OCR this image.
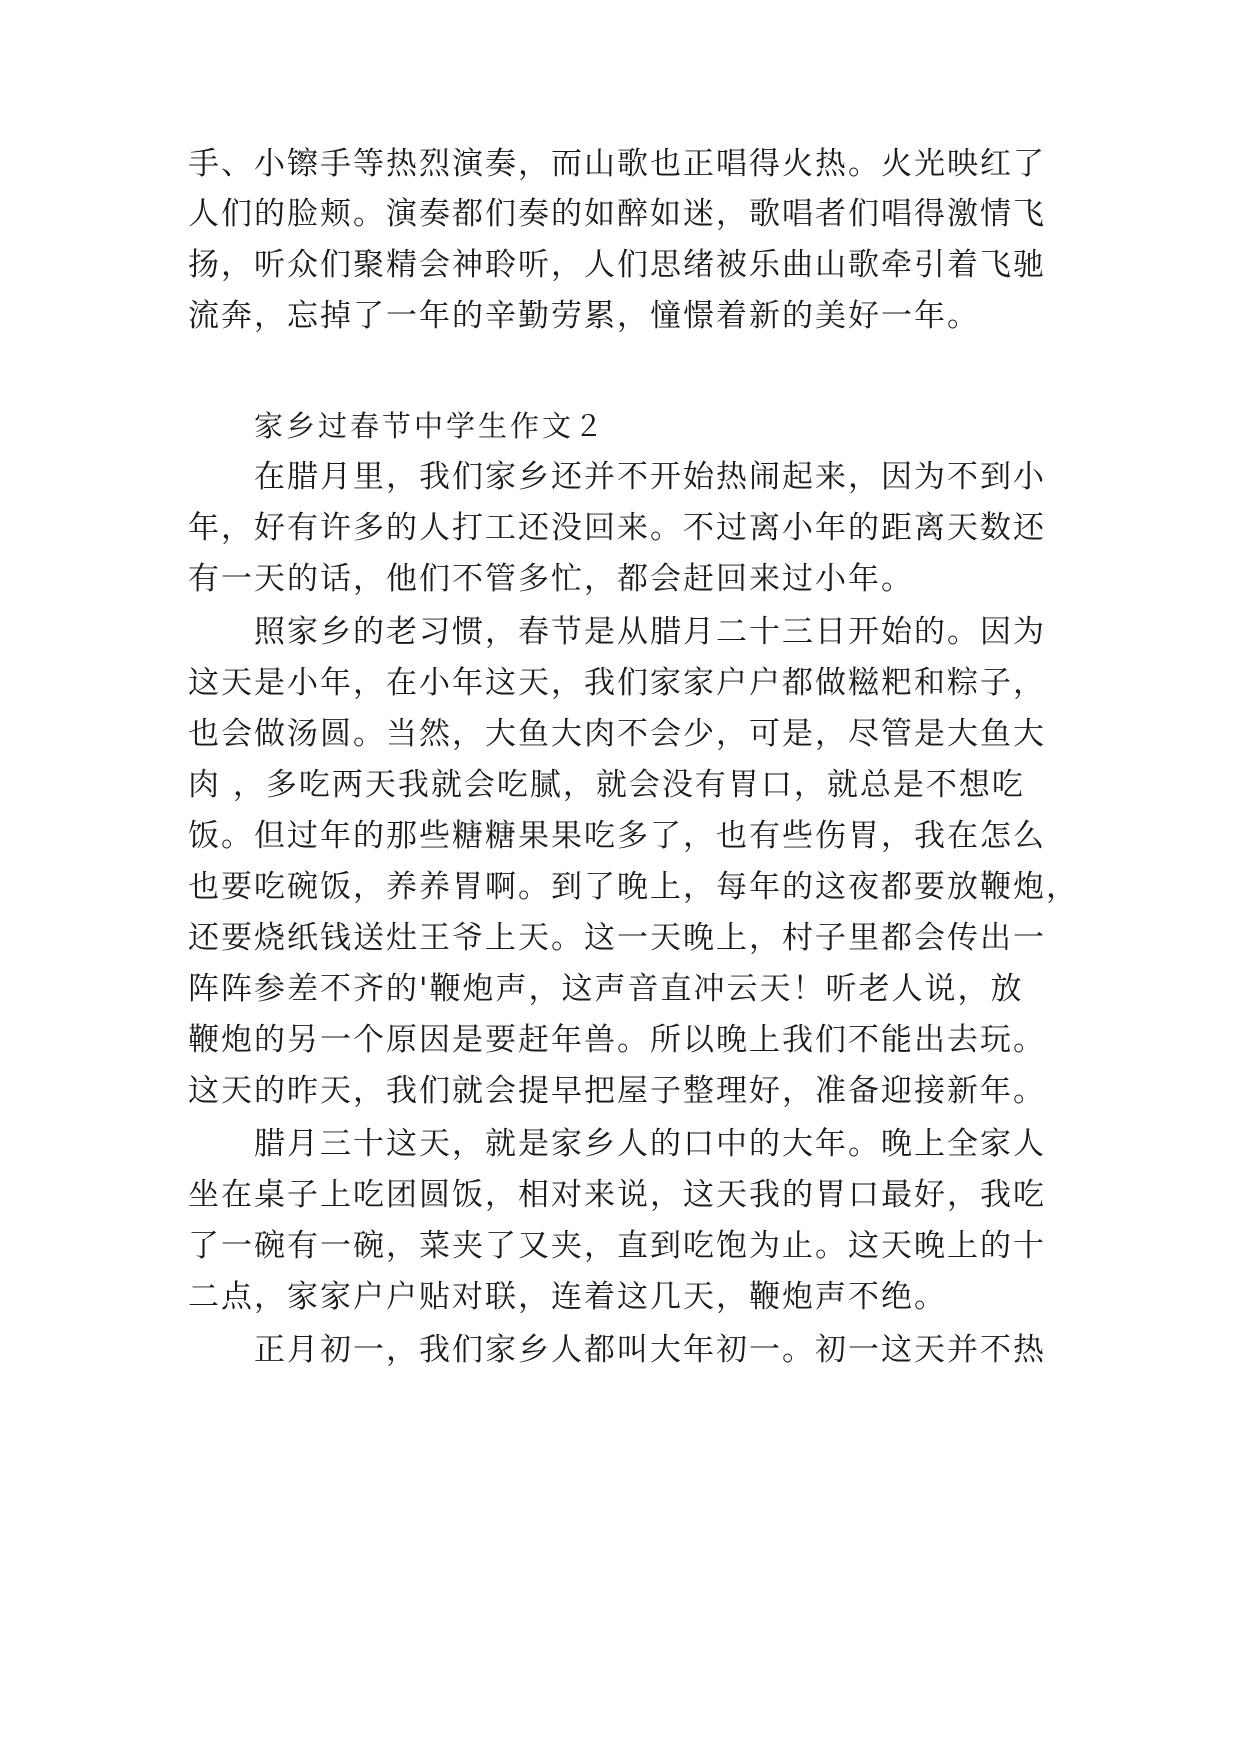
手、小镲手等热烈演奏，而山歌也正唱得火热。火光映红了
人们的脸颊。演奏都们奏的如醉如迷，歌唱者们唱得激情飞
扬，听众们聚精会神聆听，人们思绪被乐曲山歌牵引着飞驰
流奔，忘掉了一年的辛勤劳累，憧憬着新的美好一年。
家乡过春节中学生作文２
在腊月里，我们家乡还并不开始热闹起来，因为不到小
年，好有许多的人打工还没回来。不过离小年的距离天数还
有一天的话，他们不管多忙，都会赶回来过小年。
照家乡的老习惯，春节是从腊月二十三日开始的。因为
这天是小年，在小年这天，我们家家户户都做糍粑和粽子，
也会做汤圆。当然，大鱼大肉不会少，可是，尽管是大鱼大
肉 ，多吃两天我就会吃腻，就会没有胃口，就总是不想吃
饭。但过年的那些糖糖果果吃多了，也有些伤胃，我在怎么
也要吃碗饭，养养胃啊。到了晚上，每年的这夜都要放鞭炮，
还要烧纸钱送灶王爷上天。这一天晚上，村子里都会传出一
阵阵参差不齐的'鞭炮声，这声音直冲云天！听老人说，放
鞭炮的另一个原因是要赶年兽。所以晚上我们不能出去玩。
这天的昨天，我们就会提早把屋子整理好，准备迎接新年。
腊月三十这天，就是家乡人的口中的大年。晚上全家人
坐在桌子上吃团圆饭，相对来说，这天我的胃口最好，我吃
了一碗有一碗，菜夹了又夹，直到吃饱为止。这天晚上的十
二点，家家户户贴对联，连着这几天，鞭炮声不绝。
正月初一，我们家乡人都叫大年初一。初一这天并不热
